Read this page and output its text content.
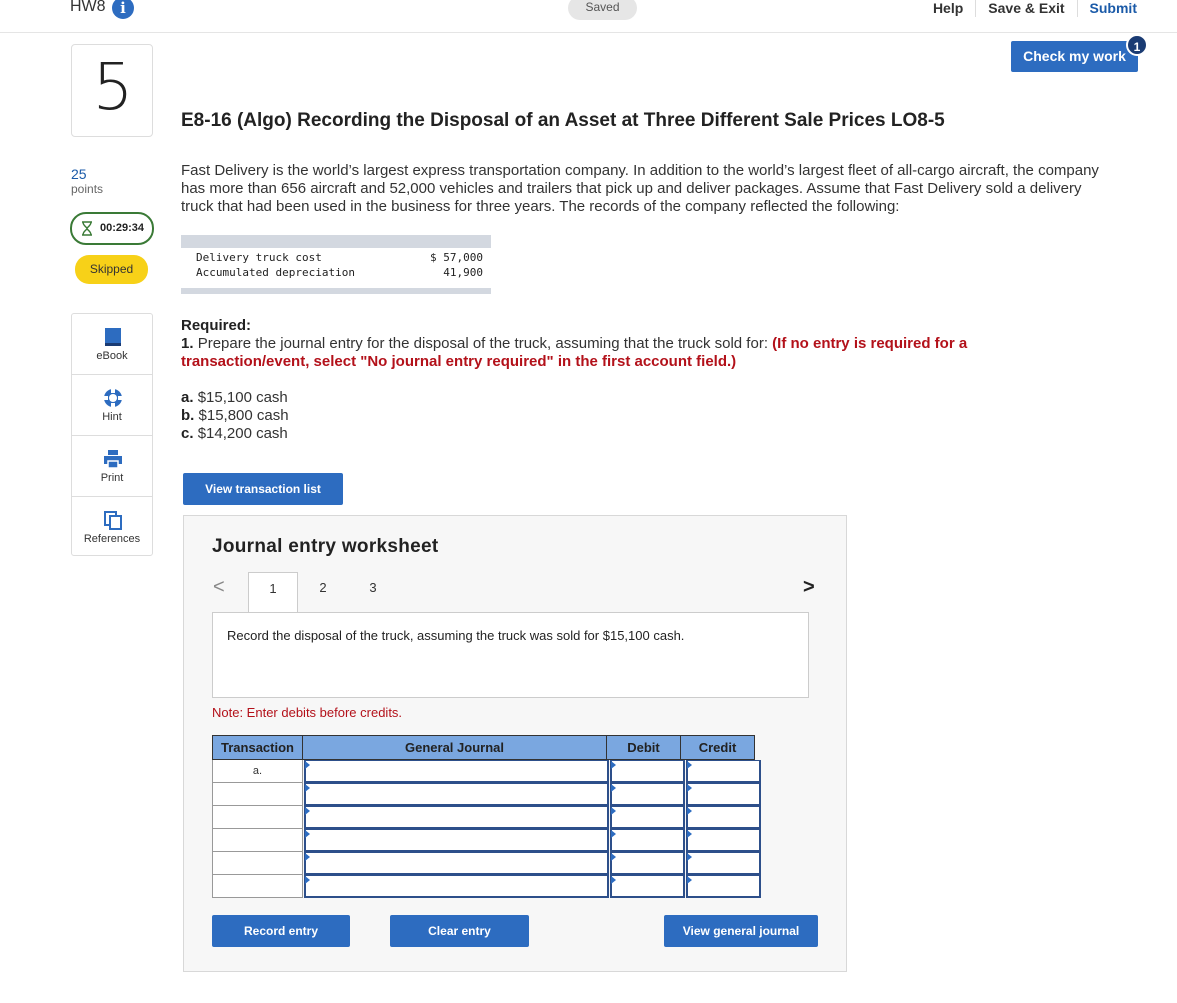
HW8 i	Saved	Help	Save & Exit	Submit
Check my work
1
5
25
points
00:29:34
Skipped
eBook
Hint
Print
References
E8-16 (Algo) Recording the Disposal of an Asset at Three Different Sale Prices LO8-5
Fast Delivery is the world’s largest express transportation company. In addition to the world’s largest fleet of all-cargo aircraft, the company has more than 656 aircraft and 52,000 vehicles and trailers that pick up and deliver packages. Assume that Fast Delivery sold a delivery truck that had been used in the business for three years. The records of the company reflected the following:
Delivery truck cost	$ 57,000
Accumulated depreciation	41,900
Required:
1. Prepare the journal entry for the disposal of the truck, assuming that the truck sold for: (If no entry is required for a transaction/event, select "No journal entry required" in the first account field.)
a. $15,100 cash
b. $15,800 cash
c. $14,200 cash
View transaction list
Journal entry worksheet
<	1	2	3	>
Record the disposal of the truck, assuming the truck was sold for $15,100 cash.
Note: Enter debits before credits.
Transaction	General Journal	Debit	Credit
a.
Record entry	Clear entry	View general journal
